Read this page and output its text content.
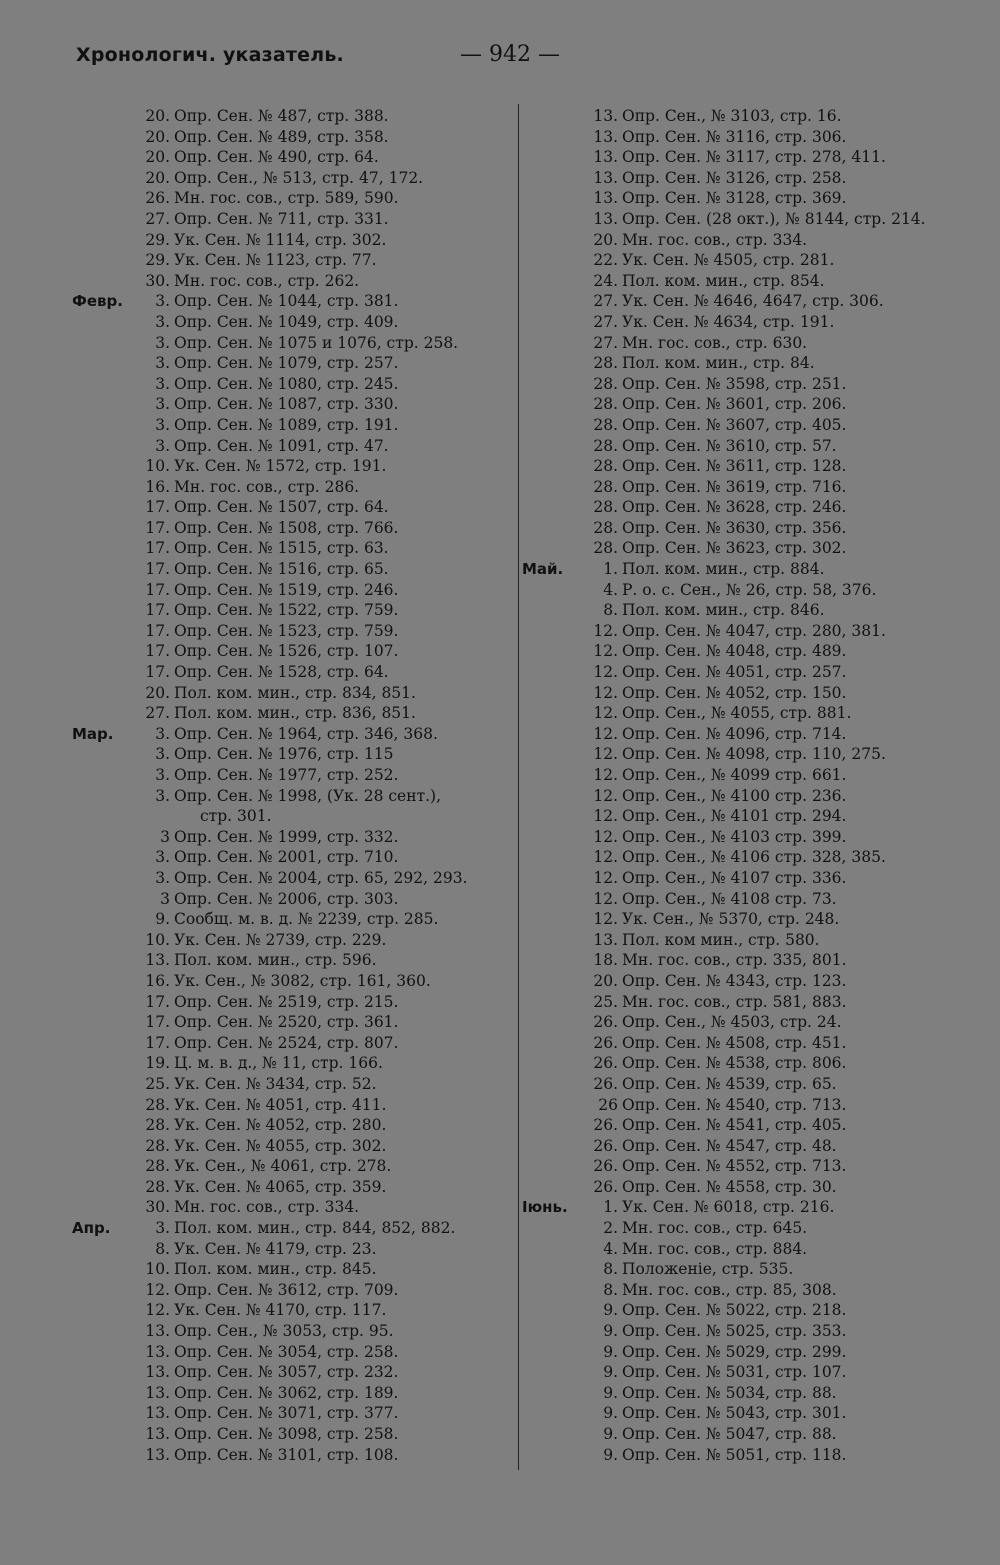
Хронологич. указатель.	— 942 —
20. Опр. Сен. № 487, стр. 388.
20. Опр. Сен. № 489, стр. 358.
20. Опр. Сен. № 490, стр. 64.
20. Опр. Сен., № 513, стр. 47, 172.
26. Мн. гос. сов., стр. 589, 590.
27. Опр. Сен. № 711, стр. 331.
29. Ук. Сен. № 1114, стр. 302.
29. Ук. Сен. № 1123, стр. 77.
30. Мн. гос. сов., стр. 262.
Февр. 3. Опр. Сен. № 1044, стр. 381.
3. Опр. Сен. № 1049, стр. 409.
3. Опр. Сен. № 1075 и 1076, стр. 258.
3. Опр. Сен. № 1079, стр. 257.
3. Опр. Сен. № 1080, стр. 245.
3. Опр. Сен. № 1087, стр. 330.
3. Опр. Сен. № 1089, стр. 191.
3. Опр. Сен. № 1091, стр. 47.
10. Ук. Сен. № 1572, стр. 191.
16. Мн. гос. сов., стр. 286.
17. Опр. Сен. № 1507, стр. 64.
17. Опр. Сен. № 1508, стр. 766.
17. Опр. Сен. № 1515, стр. 63.
17. Опр. Сен. № 1516, стр. 65.
17. Опр. Сен. № 1519, стр. 246.
17. Опр. Сен. № 1522, стр. 759.
17. Опр. Сен. № 1523, стр. 759.
17. Опр. Сен. № 1526, стр. 107.
17. Опр. Сен. № 1528, стр. 64.
20. Пол. ком. мин., стр. 834, 851.
27. Пол. ком. мин., стр. 836, 851.
Мар.	3. Опр. Сен. № 1964, стр. 346, 368.
3. Опр. Сен. № 1976, стр. 115
3. Опр. Сен. № 1977, стр. 252.
3. Опр. Сен. № 1998, (Ук. 28 сент.),
стр. 301.
3 Опр. Сен. № 1999, стр. 332.
3. Опр. Сен. № 2001, стр. 710.
3. Опр. Сен. № 2004, стр. 65, 292, 293.
3 Опр. Сен. № 2006, стр. 303.
9. Сообщ. м. в. д. № 2239, стр. 285.
10. Ук. Сен. № 2739, стр. 229.
13. Пол. ком. мин., стр. 596.
16. Ук. Сен., № 3082, стр. 161, 360.
17. Опр. Сен. № 2519, стр. 215.
17. Опр. Сен. № 2520, стр. 361.
17. Опр. Сен. № 2524, стр. 807.
19. Ц. м. в. д., № 11, стр. 166.
25. Ук. Сен. № 3434, стр. 52.
28. Ук. Сен. № 4051, стр. 411.
28. Ук. Сен. № 4052, стр. 280.
28. Ук. Сен. № 4055, стр. 302.
28. Ук. Сен., № 4061, стр. 278.
28. Ук. Сен. № 4065, стр. 359.
30. Мн. гос. сов., стр. 334.
Апр.	3. Пол. ком. мин., стр. 844, 852, 882.
8. Ук. Сен. № 4179, стр. 23.
10. Пол. ком. мин., стр. 845.
12. Опр. Сен. № 3612, стр. 709.
12. Ук. Сен. № 4170, стр. 117.
13. Опр. Сен., № 3053, стр. 95.
13. Опр. Сен. № 3054, стр. 258.
13. Опр. Сен. № 3057, стр. 232.
13. Опр. Сен. № 3062, стр. 189.
13. Опр. Сен. № 3071, стр. 377.
13. Опр. Сен. № 3098, стр. 258.
13. Опр. Сен. № 3101, стр. 108.
13. Опр. Сен., № 3103, стр. 16.
13. Опр. Сен. № 3116, стр. 306.
13. Опр. Сен. № 3117, стр. 278, 411.
13. Опр. Сен. № 3126, стр. 258.
13. Опр. Сен. № 3128, стр. 369.
13. Опр. Сен. (28 окт.), № 8144, стр. 214.
20. Мн. гос. сов., стр. 334.
22. Ук. Сен. № 4505, стр. 281.
24. Пол. ком. мин., стр. 854.
27. Ук. Сен. № 4646, 4647, стр. 306.
27. Ук. Сен. № 4634, стр. 191.
27. Мн. гос. сов., стр. 630.
28. Пол. ком. мин., стр. 84.
28. Опр. Сен. № 3598, стр. 251.
28. Опр. Сен. № 3601, стр. 206.
28. Опр. Сен. № 3607, стр. 405.
28. Опр. Сен. № 3610, стр. 57.
28. Опр. Сен. № 3611, стр. 128.
28. Опр. Сен. № 3619, стр. 716.
28. Опр. Сен. № 3628, стр. 246.
28. Опр. Сен. № 3630, стр. 356.
28. Опр. Сен. № 3623, стр. 302.
Май.	1. Пол. ком. мин., стр. 884.
4. Р. о. с. Сен., № 26, стр. 58, 376.
8. Пол. ком. мин., стр. 846.
12. Опр. Сен. № 4047, стр. 280, 381.
12. Опр. Сен. № 4048, стр. 489.
12. Опр. Сен. № 4051, стр. 257.
12. Опр. Сен. № 4052, стр. 150.
12. Опр. Сен., № 4055, стр. 881.
12. Опр. Сен. № 4096, стр. 714.
12. Опр. Сен. № 4098, стр. 110, 275.
12. Опр. Сен., № 4099 стр. 661.
12. Опр. Сен., № 4100 стр. 236.
12. Опр. Сен., № 4101 стр. 294.
12. Опр. Сен., № 4103 стр. 399.
12. Опр. Сен., № 4106 стр. 328, 385.
12. Опр. Сен., № 4107 стр. 336.
12. Опр. Сен., № 4108 стр. 73.
12. Ук. Сен., № 5370, стр. 248.
13. Пол. ком мин., стр. 580.
18. Мн. гос. сов., стр. 335, 801.
20. Опр. Сен. № 4343, стр. 123.
25. Мн. гос. сов., стр. 581, 883.
26. Опр. Сен., № 4503, стр. 24.
26. Опр. Сен. № 4508, стр. 451.
26. Опр. Сен. № 4538, стр. 806.
26. Опр. Сен. № 4539, стр. 65.
26 Опр. Сен. № 4540, стр. 713.
26. Опр. Сен. № 4541, стр. 405.
26. Опр. Сен. № 4547, стр. 48.
26. Опр. Сен. № 4552, стр. 713.
26. Опр. Сен. № 4558, стр. 30.
Іюнь. 1. Ук. Сен. № 6018, стр. 216.
2. Мн. гос. сов., стр. 645.
4. Мн. гос. сов., стр. 884.
8. Положеніе, стр. 535.
8. Мн. гос. сов., стр. 85, 308.
9. Опр. Сен. № 5022, стр. 218.
9. Опр. Сен. № 5025, стр. 353.
9. Опр. Сен. № 5029, стр. 299.
9. Опр. Сен. № 5031, стр. 107.
9. Опр. Сен. № 5034, стр. 88.
9. Опр. Сен. № 5043, стр. 301.
9. Опр. Сен. № 5047, стр. 88.
9. Опр. Сен. № 5051, стр. 118.
